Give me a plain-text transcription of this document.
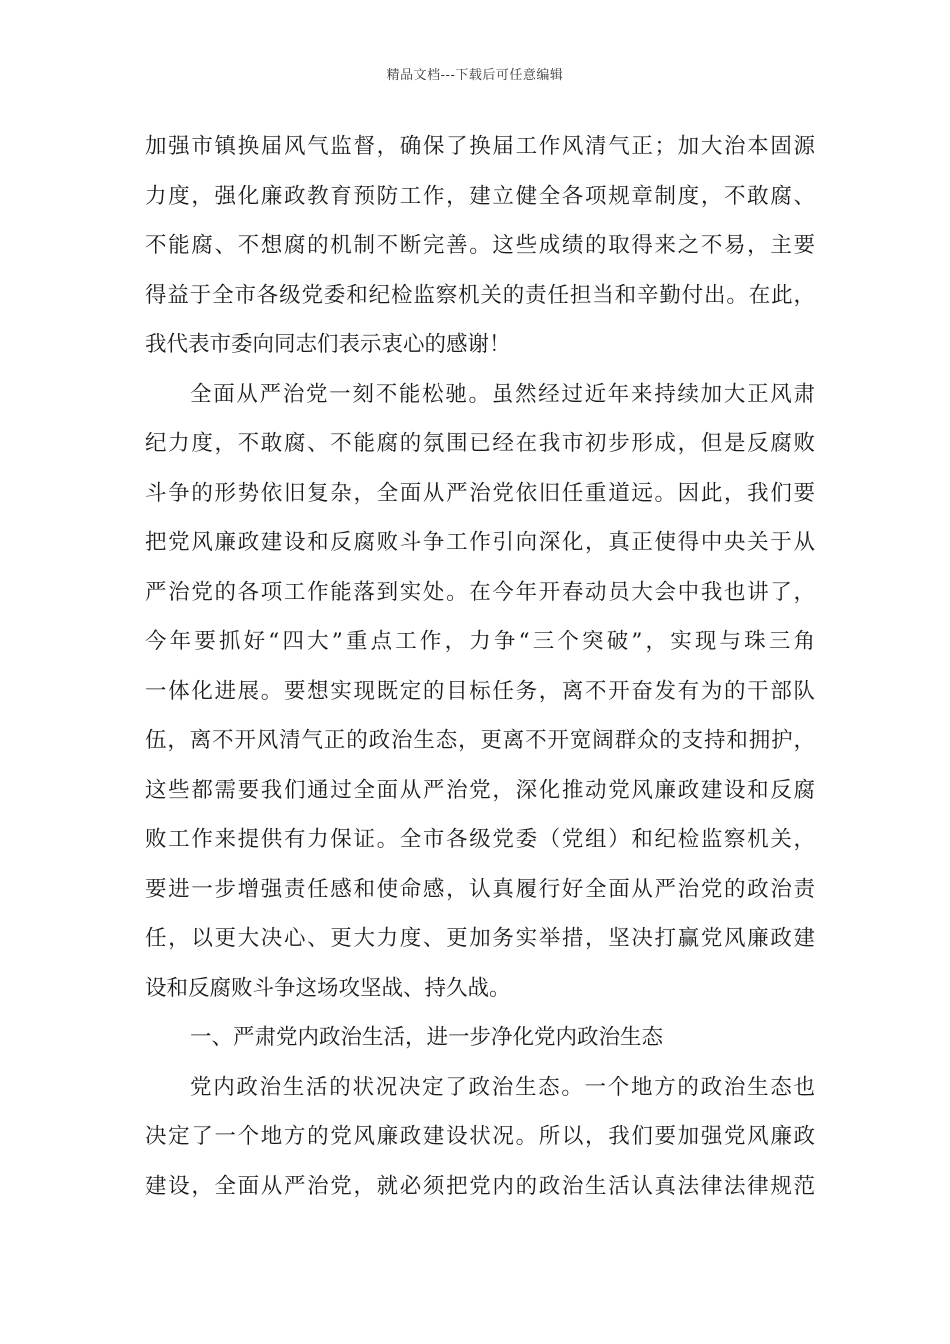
精品文档---下载后可任意编辑
加强市镇换届风气监督，确保了换届工作风清气正；加大治本固源
力度，强化廉政教育预防工作，建立健全各项规章制度，不敢腐、
不能腐、不想腐的机制不断完善。这些成绩的取得来之不易，主要
得益于全市各级党委和纪检监察机关的责任担当和辛勤付出。在此，
我代表市委向同志们表示衷心的感谢！
全面从严治党一刻不能松驰。虽然经过近年来持续加大正风肃
纪力度，不敢腐、不能腐的氛围已经在我市初步形成，但是反腐败
斗争的形势依旧复杂，全面从严治党依旧任重道远。因此，我们要
把党风廉政建设和反腐败斗争工作引向深化，真正使得中央关于从
严治党的各项工作能落到实处。在今年开春动员大会中我也讲了，
今年要抓好“四大”重点工作，力争“三个突破”，实现与珠三角
一体化进展。要想实现既定的目标任务，离不开奋发有为的干部队
伍，离不开风清气正的政治生态，更离不开宽阔群众的支持和拥护，
这些都需要我们通过全面从严治党，深化推动党风廉政建设和反腐
败工作来提供有力保证。全市各级党委（党组）和纪检监察机关，
要进一步增强责任感和使命感，认真履行好全面从严治党的政治责
任，以更大决心、更大力度、更加务实举措，坚决打赢党风廉政建
设和反腐败斗争这场攻坚战、持久战。
一、严肃党内政治生活，进一步净化党内政治生态
党内政治生活的状况决定了政治生态。一个地方的政治生态也
决定了一个地方的党风廉政建设状况。所以，我们要加强党风廉政
建设，全面从严治党，就必须把党内的政治生活认真法律法律规范
